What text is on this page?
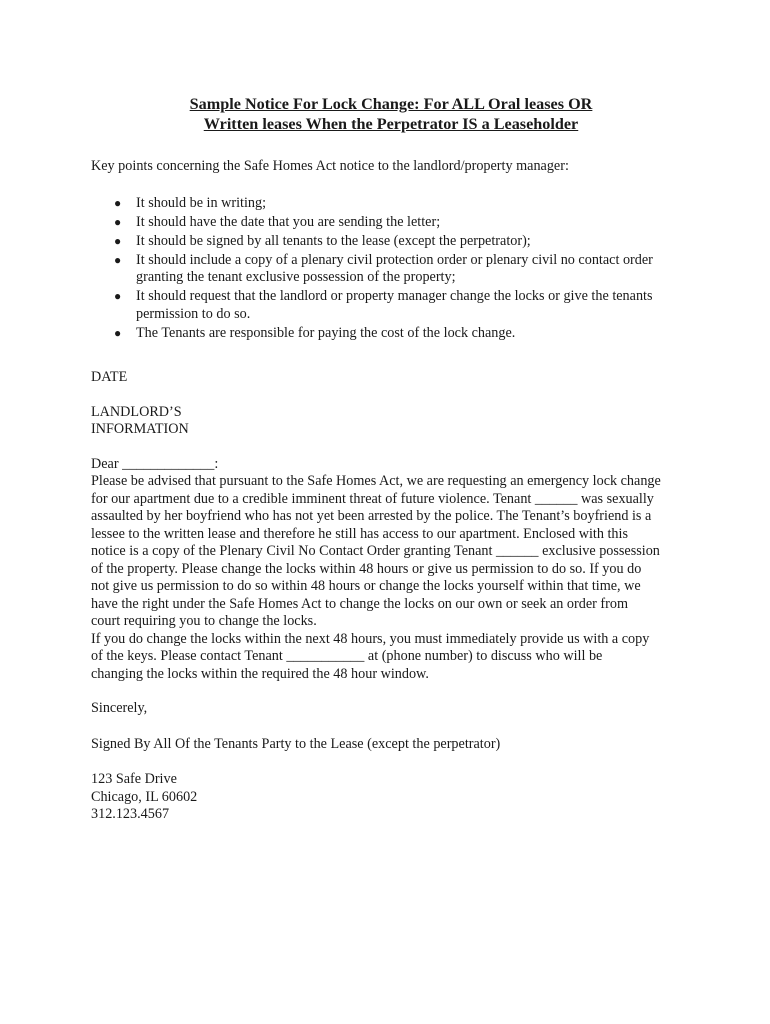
Sample Notice For Lock Change: For ALL Oral leases OR
Written leases When the Perpetrator IS a Leaseholder

Key points concerning the Safe Homes Act notice to the landlord/property manager:

● It should be in writing;
● It should have the date that you are sending the letter;
● It should be signed by all tenants to the lease (except the perpetrator);
● It should include a copy of a plenary civil protection order or plenary civil no contact order granting the tenant exclusive possession of the property;
● It should request that the landlord or property manager change the locks or give the tenants permission to do so.
● The Tenants are responsible for paying the cost of the lock change.

DATE

LANDLORD’S
INFORMATION

Dear _____________:

Please be advised that pursuant to the Safe Homes Act, we are requesting an emergency lock change
for our apartment due to a credible imminent threat of future violence. Tenant ______ was sexually
assaulted by her boyfriend who has not yet been arrested by the police. The Tenant’s boyfriend is a
lessee to the written lease and therefore he still has access to our apartment. Enclosed with this
notice is a copy of the Plenary Civil No Contact Order granting Tenant ______ exclusive possession
of the property. Please change the locks within 48 hours or give us permission to do so. If you do
not give us permission to do so within 48 hours or change the locks yourself within that time, we
have the right under the Safe Homes Act to change the locks on our own or seek an order from
court requiring you to change the locks.

If you do change the locks within the next 48 hours, you must immediately provide us with a copy
of the keys. Please contact Tenant ___________ at (phone number) to discuss who will be
changing the locks within the required the 48 hour window.

Sincerely,

Signed By All Of the Tenants Party to the Lease (except the perpetrator)

123 Safe Drive
Chicago, IL 60602
312.123.4567
